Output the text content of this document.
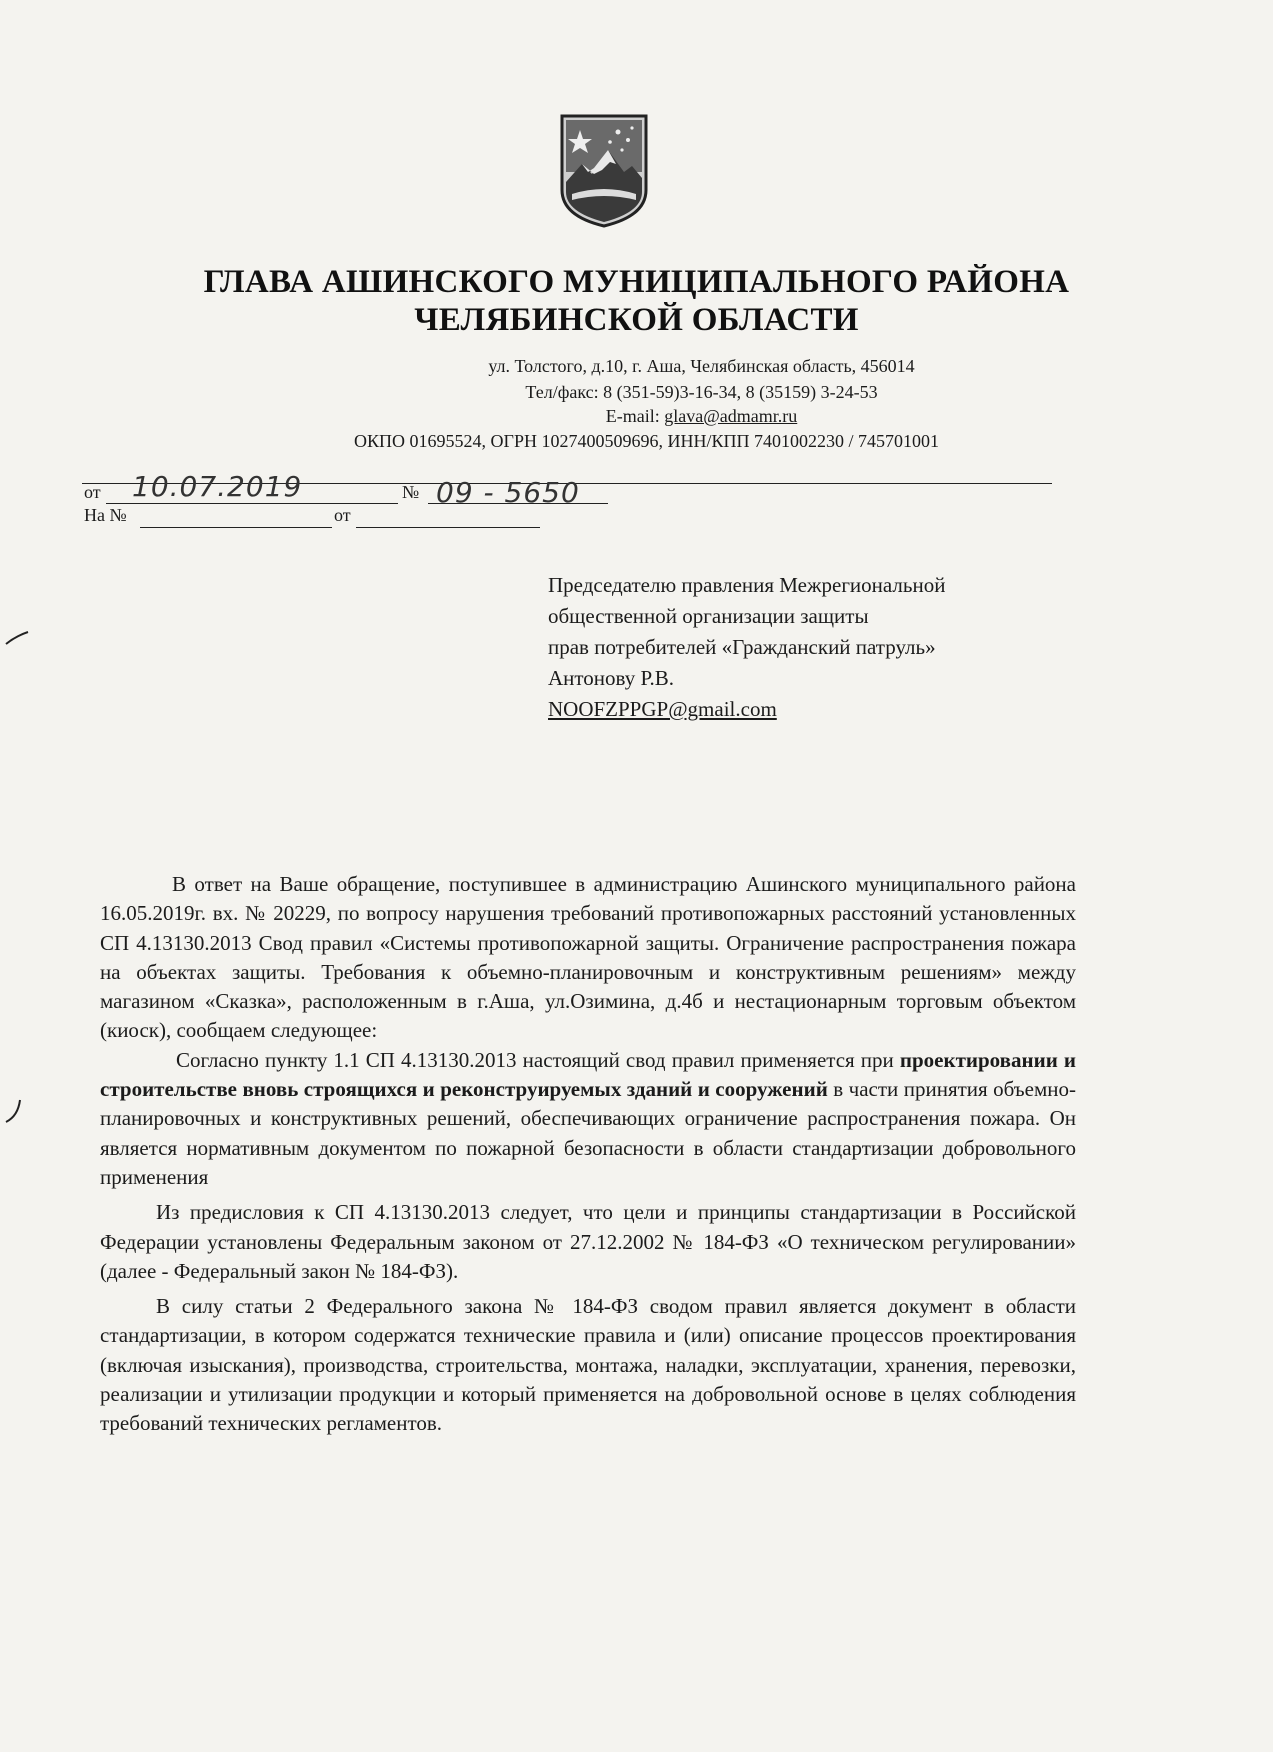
ГЛАВА АШИНСКОГО МУНИЦИПАЛЬНОГО РАЙОНА
ЧЕЛЯБИНСКОЙ ОБЛАСТИ
ул. Толстого, д.10, г. Аша, Челябинская область, 456014
Тел/факс: 8 (351-59)3-16-34, 8 (35159) 3-24-53
E-mail: glava@admamr.ru
ОКПО 01695524, ОГРН 1027400509696, ИНН/КПП 7401002230 / 745701001
от 10.07.2019	№ 09 - 5650
На №	от
Председателю правления Межрегиональной
общественной организации защиты
прав потребителей «Гражданский патруль»
Антонову Р.В.
NOOFZPPGP@gmail.com

В ответ на Ваше обращение, поступившее в администрацию Ашинского муниципального района 16.05.2019г. вх. № 20229, по вопросу нарушения требований противопожарных расстояний установленных СП 4.13130.2013 Свод правил «Системы противопожарной защиты. Ограничение распространения пожара на объектах защиты. Требования к объемно-планировочным и конструктивным решениям» между магазином «Сказка», расположенным в г.Аша, ул.Озимина, д.4б и нестационарным торговым объектом (киоск), сообщаем следующее:

Согласно пункту 1.1 СП 4.13130.2013 настоящий свод правил применяется при проектировании и строительстве вновь строящихся и реконструируемых зданий и сооружений в части принятия объемно-планировочных и конструктивных решений, обеспечивающих ограничение распространения пожара. Он является нормативным документом по пожарной безопасности в области стандартизации добровольного применения

Из предисловия к СП 4.13130.2013 следует, что цели и принципы стандартизации в Российской Федерации установлены Федеральным законом от 27.12.2002 № 184-ФЗ «О техническом регулировании» (далее - Федеральный закон № 184-ФЗ).

В силу статьи 2 Федерального закона № 184-ФЗ сводом правил является документ в области стандартизации, в котором содержатся технические правила и (или) описание процессов проектирования (включая изыскания), производства, строительства, монтажа, наладки, эксплуатации, хранения, перевозки, реализации и утилизации продукции и который применяется на добровольной основе в целях соблюдения требований технических регламентов.
